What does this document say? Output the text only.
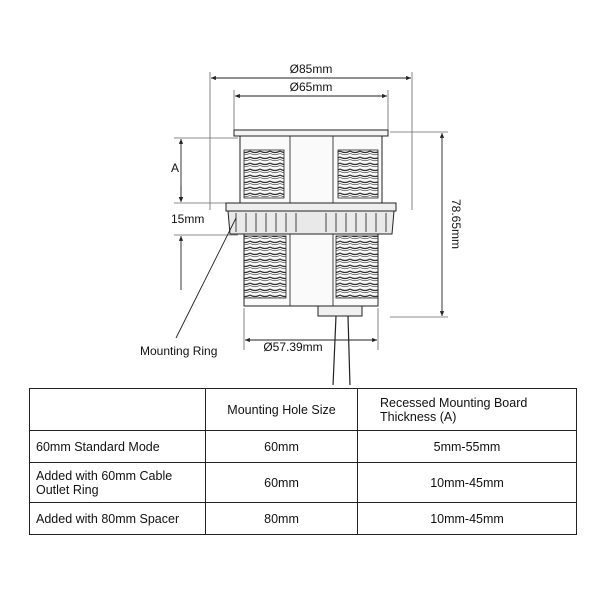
Ø85mm
Ø65mm
Ø57.39mm
A
15mm	78.65mm
Mounting Ring
	Mounting Hole Size	Recessed Mounting Board Thickness (A)
60mm Standard Mode	60mm	5mm-55mm
Added with 60mm Cable Outlet Ring	60mm	10mm-45mm
Added with 80mm Spacer	80mm	10mm-45mm
